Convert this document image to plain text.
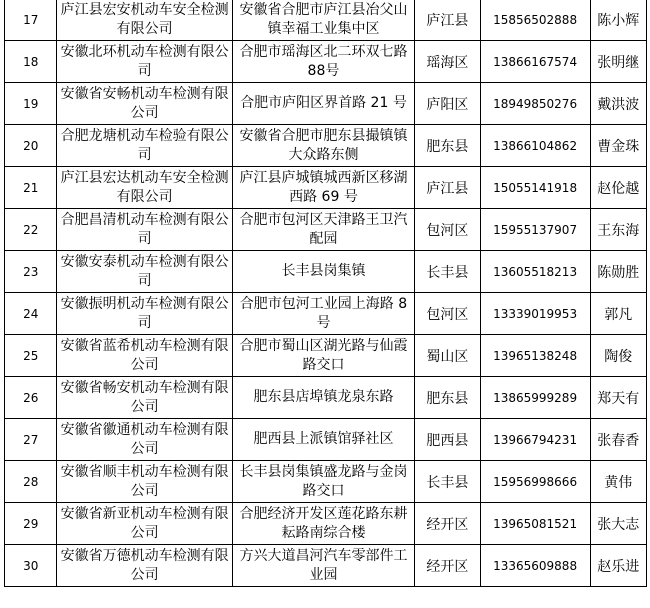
17	庐江县宏安机动车安全检测有限公司	安徽省合肥市庐江县冶父山镇幸福工业集中区	庐江县	15856502888	陈小辉
18	安徽北环机动车检测有限公司	合肥市瑶海区北二环双七路88号	瑶海区	13866167574	张明继
19	安徽省安畅机动车检测有限公司	合肥市庐阳区界首路 21 号	庐阳区	18949850276	戴洪波
20	合肥龙塘机动车检验有限公司	安徽省合肥市肥东县撮镇镇大众路东侧	肥东县	13866104862	曹金珠
21	庐江县宏达机动车安全检测有限公司	庐江县庐城镇城西新区移湖西路 69 号	庐江县	15055141918	赵伦越
22	合肥昌清机动车检测有限公司	合肥市包河区天津路王卫汽配园	包河区	15955137907	王东海
23	安徽安泰机动车检测有限公司	长丰县岗集镇	长丰县	13605518213	陈勋胜
24	安徽振明机动车检测有限公司	合肥市包河工业园上海路 8号	包河区	13339019953	郭凡
25	安徽省蓝希机动车检测有限公司	合肥市蜀山区湖光路与仙霞路交口	蜀山区	13965138248	陶俊
26	安徽省畅安机动车检测有限公司	肥东县店埠镇龙泉东路	肥东县	13865999289	郑天有
27	安徽省徽通机动车检测有限公司	肥西县上派镇馆驿社区	肥西县	13966794231	张春香
28	安徽省顺丰机动车检测有限公司	长丰县岗集镇盛龙路与金岗路交口	长丰县	15956998666	黄伟
29	安徽省新亚机动车检测有限公司	合肥经济开发区莲花路东耕耘路南综合楼	经开区	13965081521	张大志
30	安徽省万德机动车检测有限公司	方兴大道昌河汽车零部件工业园	经开区	13365609888	赵乐进
